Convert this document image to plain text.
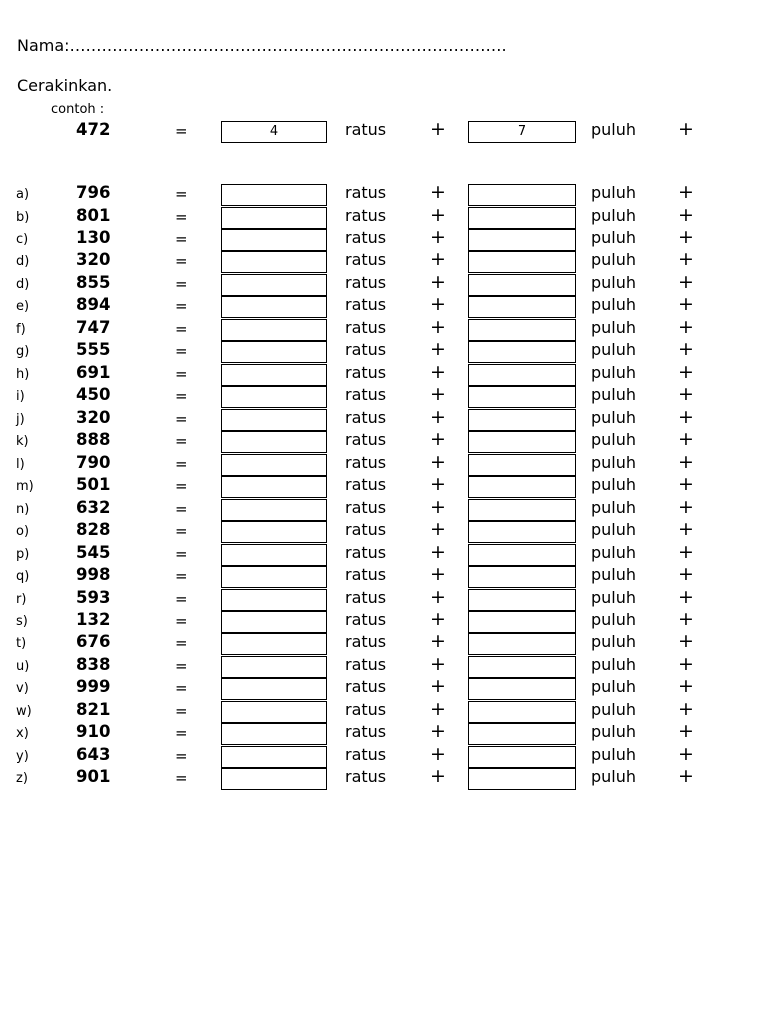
Nama:……………………………………………………………………….
Cerakinkan.
contoh :
472	=	4	ratus +	7	puluh +
a)	796	=	ratus +	puluh +
b)	801	=	ratus +	puluh +
c)	130	=	ratus +	puluh +
d)	320	=	ratus +	puluh +
d)	855	=	ratus +	puluh +
e)	894	=	ratus +	puluh +
f)	747	=	ratus +	puluh +
g)	555	=	ratus +	puluh +
h)	691	=	ratus +	puluh +
i)	450	=	ratus +	puluh +
j)	320	=	ratus +	puluh +
k)	888	=	ratus +	puluh +
l)	790	=	ratus +	puluh +
m)	501	=	ratus +	puluh +
n)	632	=	ratus +	puluh +
o)	828	=	ratus +	puluh +
p)	545	=	ratus +	puluh +
q)	998	=	ratus +	puluh +
r)	593	=	ratus +	puluh +
s)	132	=	ratus +	puluh +
t)	676	=	ratus +	puluh +
u)	838	=	ratus +	puluh +
v)	999	=	ratus +	puluh +
w)	821	=	ratus +	puluh +
x)	910	=	ratus +	puluh +
y)	643	=	ratus +	puluh +
z)	901	=	ratus +	puluh +
